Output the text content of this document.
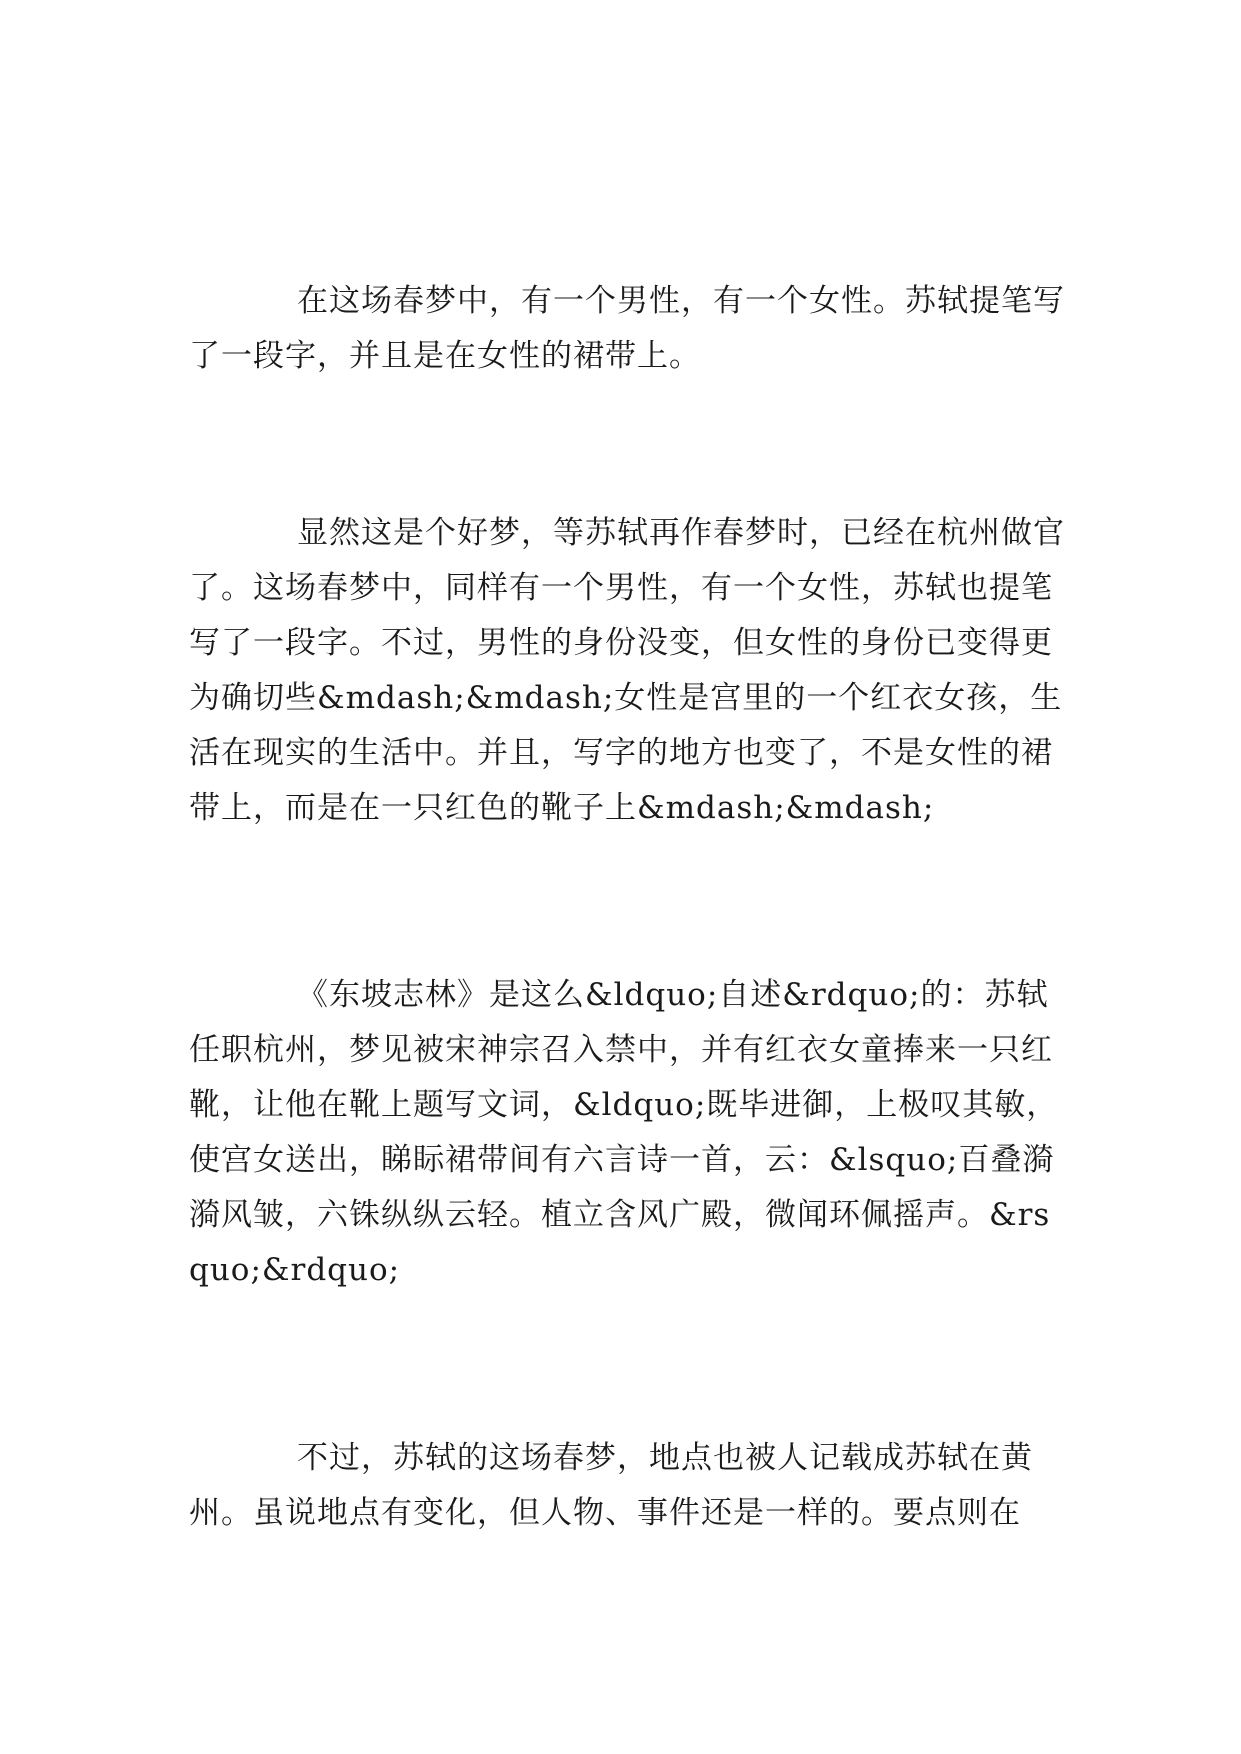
在这场春梦中，有一个男性，有一个女性。苏轼提笔写了一段字，并且是在女性的裙带上。

显然这是个好梦，等苏轼再作春梦时，已经在杭州做官了。这场春梦中，同样有一个男性，有一个女性，苏轼也提笔写了一段字。不过，男性的身份没变，但女性的身份已变得更为确切些&mdash;&mdash;女性是宫里的一个红衣女孩，生活在现实的生活中。并且，写字的地方也变了，不是女性的裙带上，而是在一只红色的靴子上&mdash;&mdash;

《东坡志林》是这么&ldquo;自述&rdquo;的：苏轼任职杭州，梦见被宋神宗召入禁中，并有红衣女童捧来一只红靴，让他在靴上题写文词，&ldquo;既毕进御，上极叹其敏，使宫女送出，睇眎裙带间有六言诗一首，云：&lsquo;百叠漪漪风皱，六铢纵纵云轻。植立含风广殿，微闻环佩摇声。&rsquo;&rdquo;

不过，苏轼的这场春梦，地点也被人记载成苏轼在黄州。虽说地点有变化，但人物、事件还是一样的。要点则在
